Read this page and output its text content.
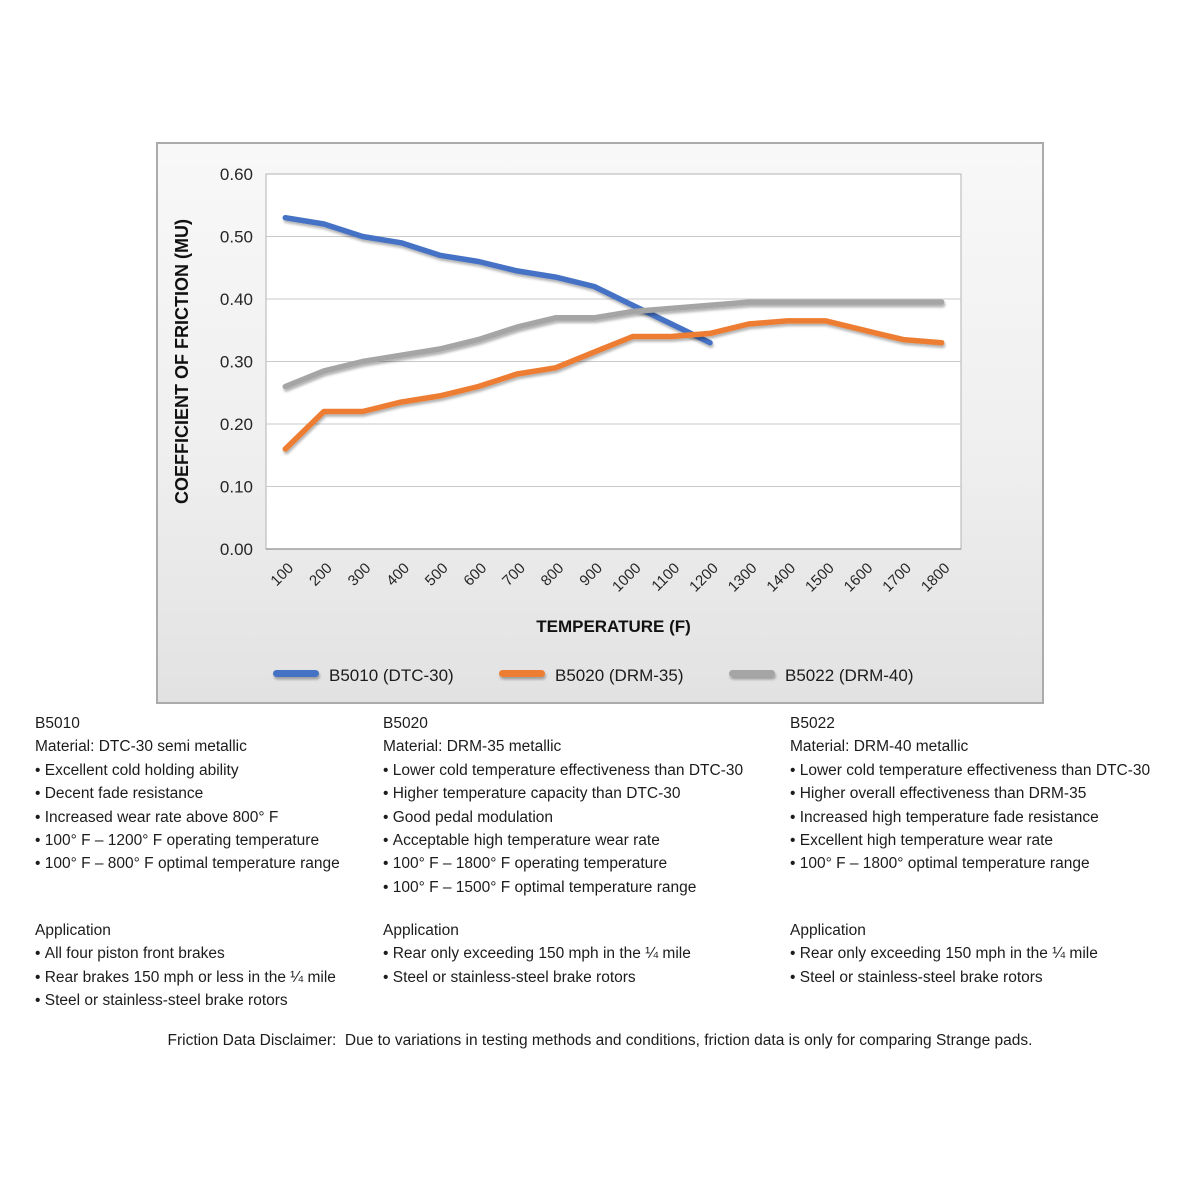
0.00
0.10
0.20
0.30
0.40
0.50
0.60
100 200 300 400 500 600 700 800 900 1000 1100 1200 1300 1400 1500 1600 1700 1800
COEFFICIENT OF FRICTION (MU)
TEMPERATURE (F)
B5010 (DTC-30)	B5020 (DRM-35)	B5022 (DRM-40)

B5010

Material: DTC-30 semi metallic

• Excellent cold holding ability
• Decent fade resistance
• Increased wear rate above 800° F
• 100° F – 1200° F operating temperature
• 100° F – 800° F optimal temperature range

B5020

Material: DRM-35 metallic

• Lower cold temperature effectiveness than DTC-30
• Higher temperature capacity than DTC-30
• Good pedal modulation
• Acceptable high temperature wear rate
• 100° F – 1800° F operating temperature
• 100° F – 1500° F optimal temperature range

B5022

Material: DRM-40 metallic

• Lower cold temperature effectiveness than DTC-30
• Higher overall effectiveness than DRM-35
• Increased high temperature fade resistance
• Excellent high temperature wear rate
• 100° F – 1800° optimal temperature range

Application

• All four piston front brakes
• Rear brakes 150 mph or less in the ¼ mile
• Steel or stainless-steel brake rotors

Application

• Rear only exceeding 150 mph in the ¼ mile
• Steel or stainless-steel brake rotors

Application

• Rear only exceeding 150 mph in the ¼ mile
• Steel or stainless-steel brake rotors
Friction Data Disclaimer:  Due to variations in testing methods and conditions, friction data is only for comparing Strange pads.
